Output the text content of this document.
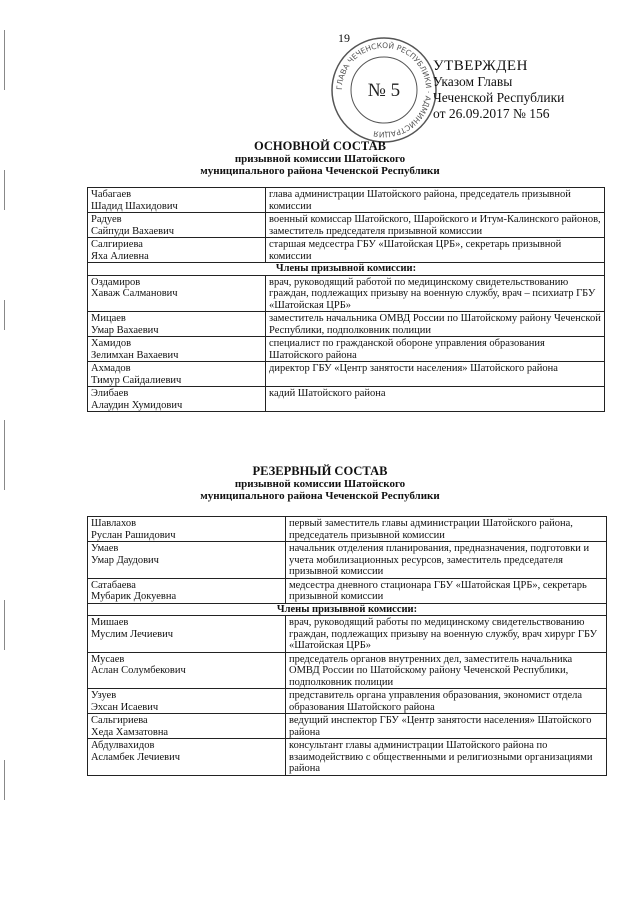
19
ГЛАВА ЧЕЧЕНСКОЙ РЕСПУБЛИКИ · АДМИНИСТРАЦИЯ
№ 5
УТВЕРЖДЕН
Указом Главы
Чеченской Республики
от 26.09.2017 № 156
ОСНОВНОЙ СОСТАВ
призывной комиссии Шатойского
муниципального района Чеченской Республики
Чабагаев
Шадид Шахидович	глава администрации Шатойского района, председатель призывной комиссии
Радуев
Сайпуди Вахаевич	военный комиссар Шатойского, Шаройского и Итум-Калинского районов, заместитель председателя призывной комиссии
Салгириева
Яха Алиевна	старшая медсестра ГБУ «Шатойская ЦРБ», секретарь призывной комиссии
Члены призывной комиссии:	
Оздамиров
Хаваж Салманович	врач, руководящий работой по медицинскому свидетельствованию граждан, подлежащих призыву на военную службу, врач – психиатр ГБУ «Шатойская ЦРБ»
Мицаев
Умар Вахаевич	заместитель начальника ОМВД России по Шатойскому району Чеченской Республики, подполковник полиции
Хамидов
Зелимхан Вахаевич	специалист по гражданской обороне управления образования Шатойского района
Ахмадов
Тимур Сайдалиевич	директор ГБУ «Центр занятости населения» Шатойского района
Элибаев
Алаудин Хумидович	кадий Шатойского района
РЕЗЕРВНЫЙ СОСТАВ
призывной комиссии Шатойского
муниципального района Чеченской Республики
Шавлахов
Руслан Рашидович	первый заместитель главы администрации Шатойского района, председатель призывной комиссии
Умаев
Умар Даудович	начальник отделения планирования, предназначения, подготовки и учета мобилизационных ресурсов, заместитель председателя призывной комиссии
Сатабаева
Мубарик Докуевна	медсестра дневного стационара ГБУ «Шатойская ЦРБ», секретарь призывной комиссии
Члены призывной комиссии:	
Мишаев
Муслим Лечиевич	врач, руководящий работы по медицинскому свидетельствованию граждан, подлежащих призыву на военную службу, врач хирург ГБУ «Шатойская ЦРБ»
Мусаев
Аслан Солумбекович	председатель органов внутренних дел, заместитель начальника ОМВД России по Шатойскому району Чеченской Республики, подполковник полиции
Узуев
Эхсан Исаевич	представитель органа управления образования, экономист отдела образования Шатойского района
Сальгириева
Хеда Хамзатовна	ведущий инспектор ГБУ «Центр занятости населения» Шатойского района
Абдулвахидов
Асламбек Лечиевич	консультант главы администрации Шатойского района по взаимодействию с общественными и религиозными организациями района
